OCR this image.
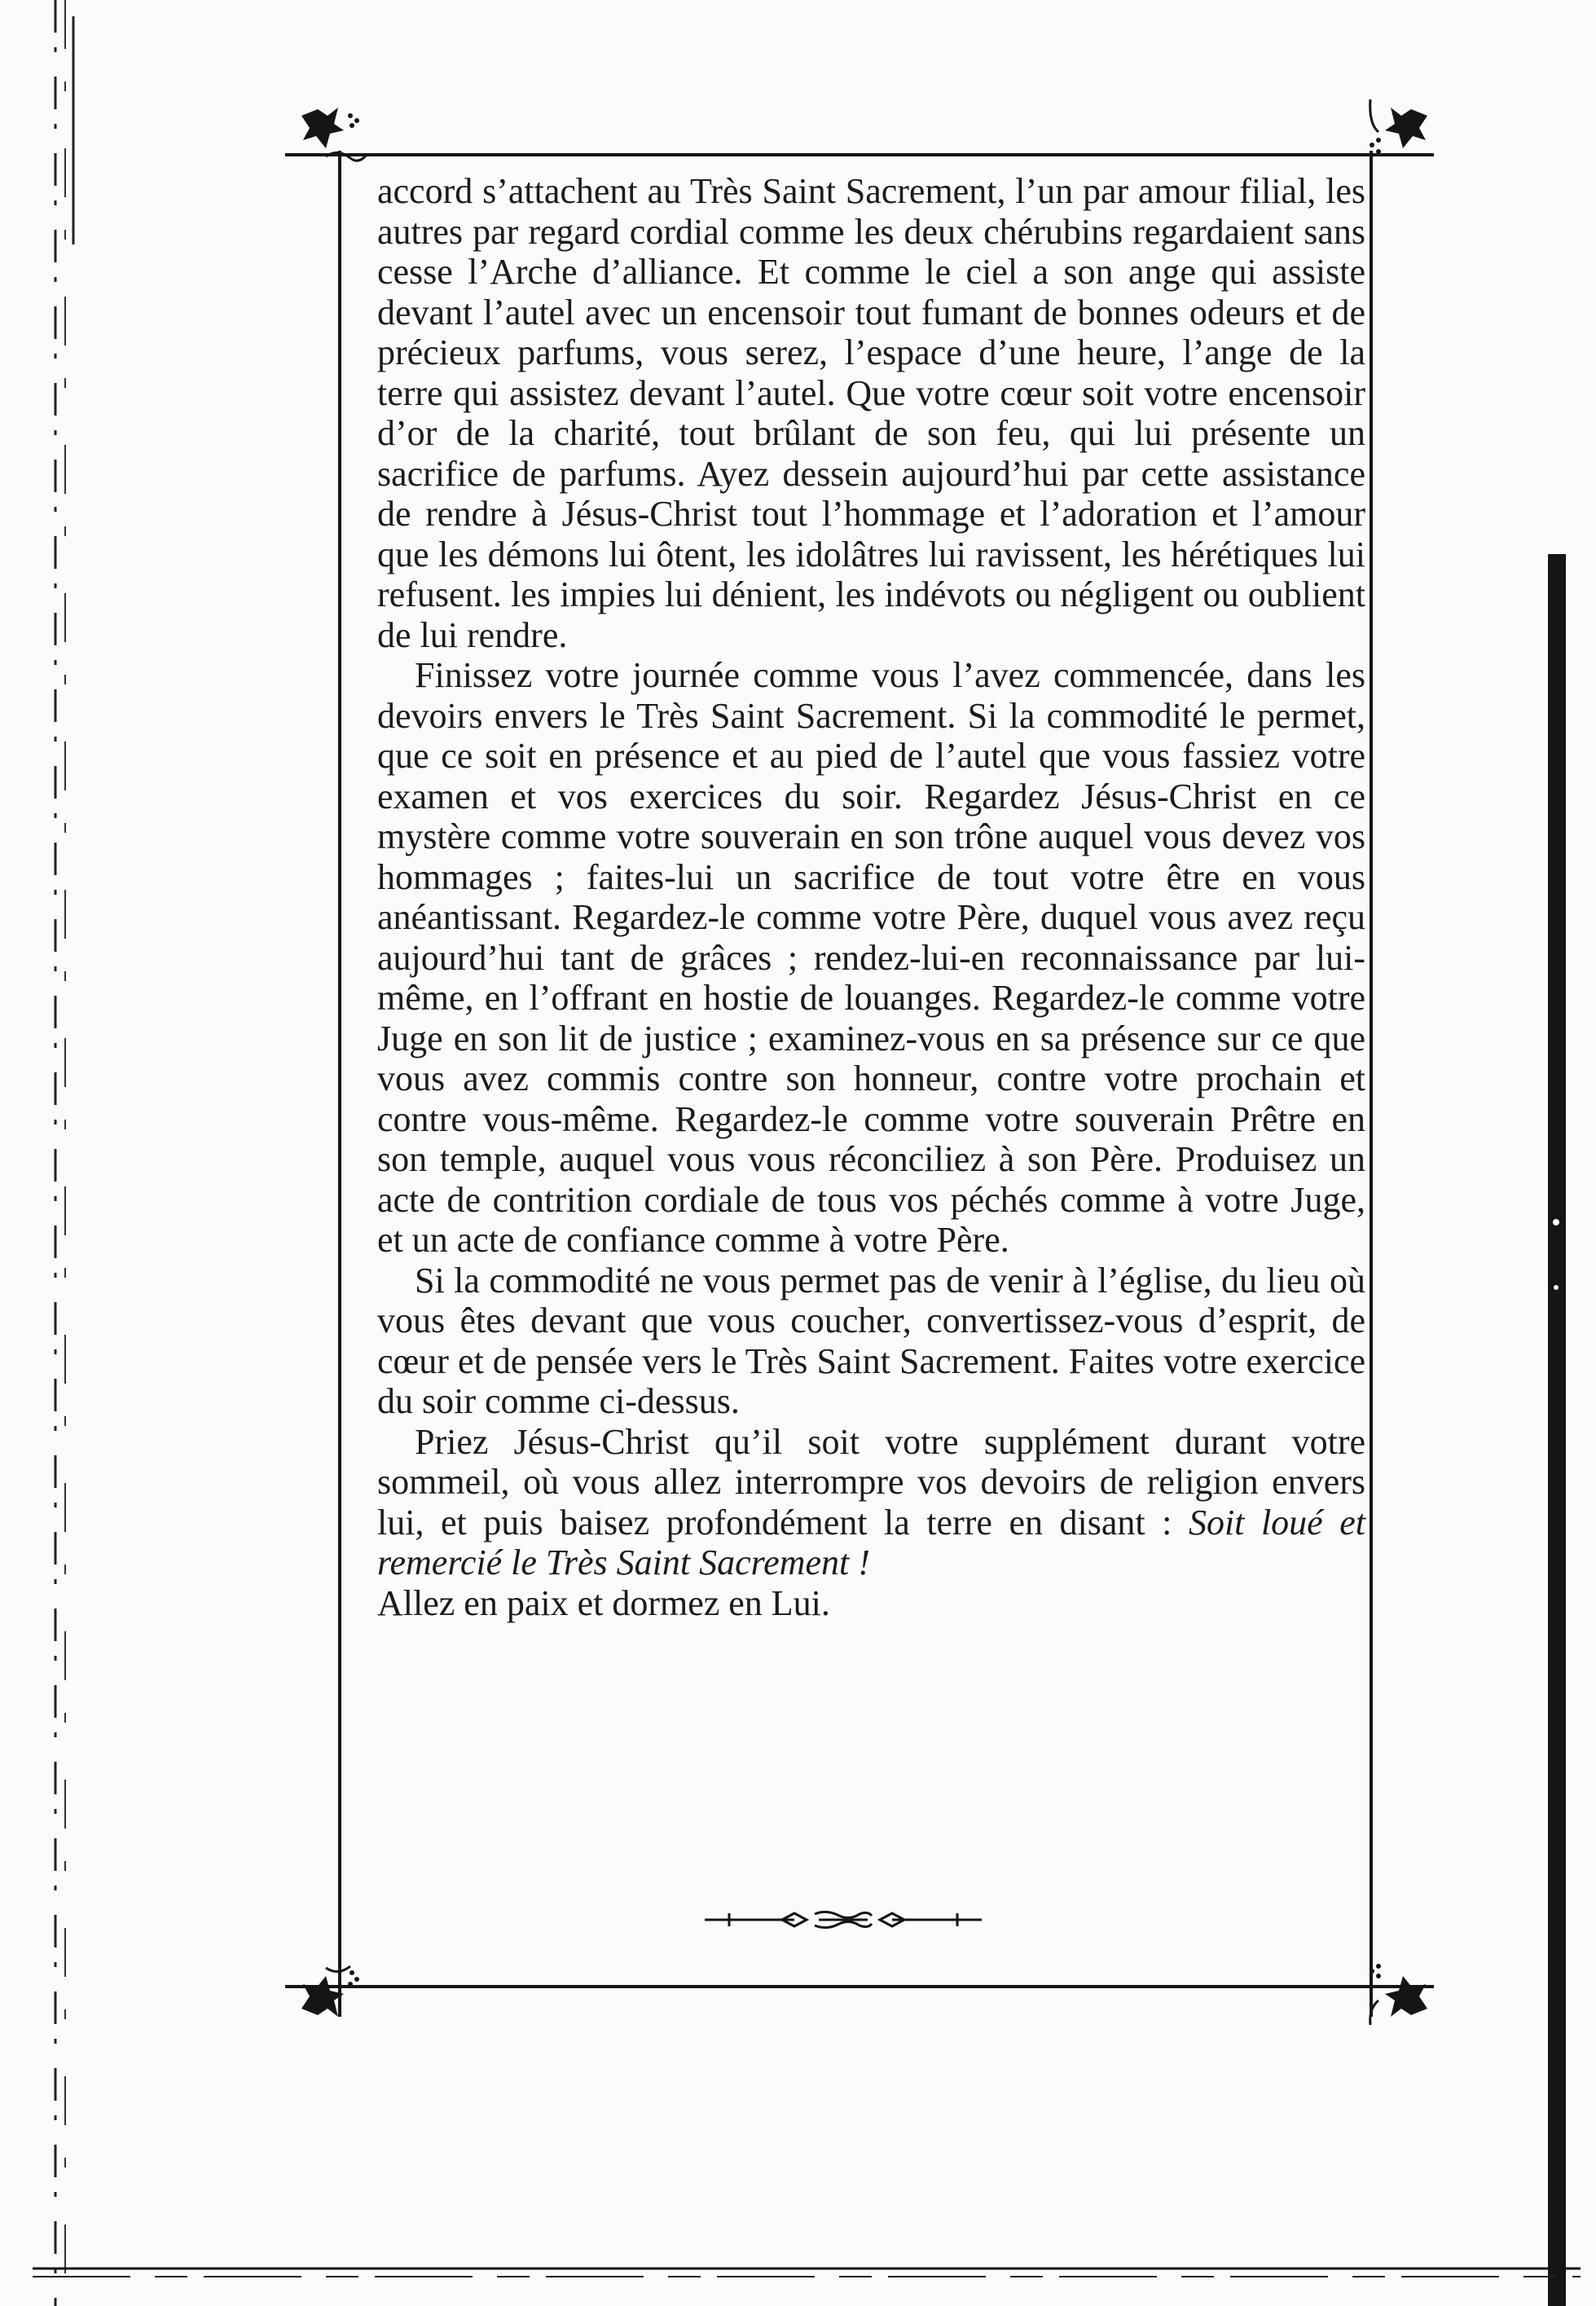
accord s’attachent au Très Saint Sacrement, l’un par amour filial, les autres par regard cordial comme les deux chérubins regardaient sans cesse l’Arche d’alliance. Et comme le ciel a son ange qui assiste devant l’autel avec un encensoir tout fumant de bonnes odeurs et de précieux parfums, vous serez, l’espace d’une heure, l’ange de la terre qui assistez devant l’autel. Que votre cœur soit votre encensoir d’or de la charité, tout brûlant de son feu, qui lui présente un sacrifice de parfums. Ayez dessein aujourd’hui par cette assistance de rendre à Jésus-Christ tout l’hommage et l’adoration et l’amour que les démons lui ôtent, les idolâtres lui ravissent, les hérétiques lui refusent. les impies lui dénient, les indévots ou négligent ou oublient de lui rendre.

Finissez votre journée comme vous l’avez commencée, dans les devoirs envers le Très Saint Sacrement. Si la commodité le permet, que ce soit en présence et au pied de l’autel que vous fassiez votre examen et vos exercices du soir. Regardez Jésus-Christ en ce mystère comme votre souverain en son trône auquel vous devez vos hommages ; faites-lui un sacrifice de tout votre être en vous anéantissant. Regardez-le comme votre Père, duquel vous avez reçu aujourd’hui tant de grâces ; rendez-lui-en reconnaissance par lui-même, en l’offrant en hostie de louanges. Regardez-le comme votre Juge en son lit de justice ; examinez-vous en sa présence sur ce que vous avez commis contre son honneur, contre votre prochain et contre vous-même. Regardez-le comme votre souverain Prêtre en son temple, auquel vous vous réconciliez à son Père. Produisez un acte de contrition cordiale de tous vos péchés comme à votre Juge, et un acte de confiance comme à votre Père.

Si la commodité ne vous permet pas de venir à l’église, du lieu où vous êtes devant que vous coucher, convertissez-vous d’esprit, de cœur et de pensée vers le Très Saint Sacrement. Faites votre exercice du soir comme ci-dessus.

Priez Jésus-Christ qu’il soit votre supplément durant votre sommeil, où vous allez interrompre vos devoirs de religion envers lui, et puis baisez profondément la terre en disant : Soit loué et remercié le Très Saint Sacrement !

Allez en paix et dormez en Lui.
